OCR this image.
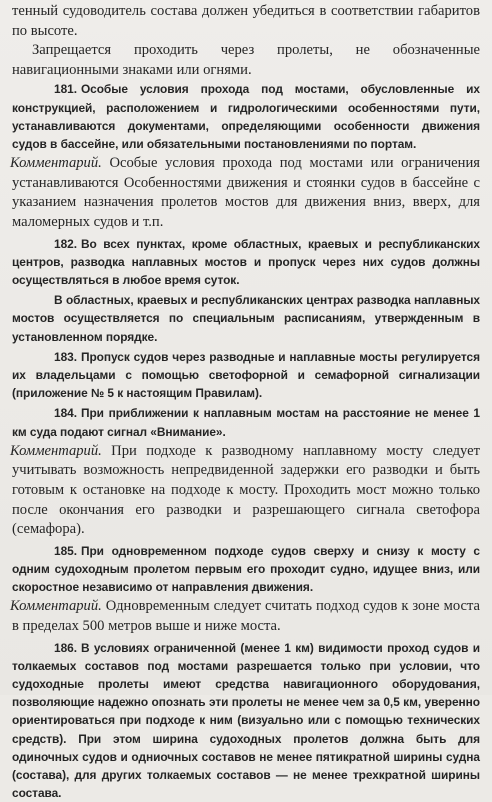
тенный судоводитель состава должен убедиться в соответствии габаритов по высоте.

Запрещается проходить через пролеты, не обозначенные навигационными знаками или огнями.

181. Особые условия прохода под мостами, обусловленные их конструкцией, расположением и гидрологическими особенностями пути, устанавливаются документами, определяющими особенности движения судов в бассейне, или обязательными постановлениями по портам.

Комментарий. Особые условия прохода под мостами или ограничения устанавливаются Особенностями движения и стоянки судов в бассейне с указанием назначения пролетов мостов для движения вниз, вверх, для маломерных судов и т.п.

182. Во всех пунктах, кроме областных, краевых и республиканских центров, разводка наплавных мостов и пропуск через них судов должны осуществляться в любое время суток.

В областных, краевых и республиканских центрах разводка наплавных мостов осуществляется по специальным расписаниям, утвержденным в установленном порядке.

183. Пропуск судов через разводные и наплавные мосты регулируется их владельцами с помощью светофорной и семафорной сигнализации (приложение № 5 к настоящим Правилам).

184. При приближении к наплавным мостам на расстояние не менее 1 км суда подают сигнал «Внимание».

Комментарий. При подходе к разводному наплавному мосту следует учитывать возможность непредвиденной задержки его разводки и быть готовым к остановке на подходе к мосту. Проходить мост можно только после окончания его разводки и разрешающего сигнала светофора (семафора).

185. При одновременном подходе судов сверху и снизу к мосту с одним судоходным пролетом первым его проходит судно, идущее вниз, или скоростное независимо от направления движения.

Комментарий. Одновременным следует считать подход судов к зоне моста в пределах 500 метров выше и ниже моста.

186. В условиях ограниченной (менее 1 км) видимости проход судов и толкаемых составов под мостами разрешается только при условии, что судоходные пролеты имеют средства навигационного оборудования, позволяющие надежно опознать эти пролеты не менее чем за 0,5 км, уверенно ориентироваться при подходе к ним (визуально или с помощью технических средств). При этом ширина судоходных пролетов должна быть для одиночных судов и одниочных составов не менее пятикратной ширины судна (состава), для других толкаемых составов — не менее трехкратной ширины состава.
